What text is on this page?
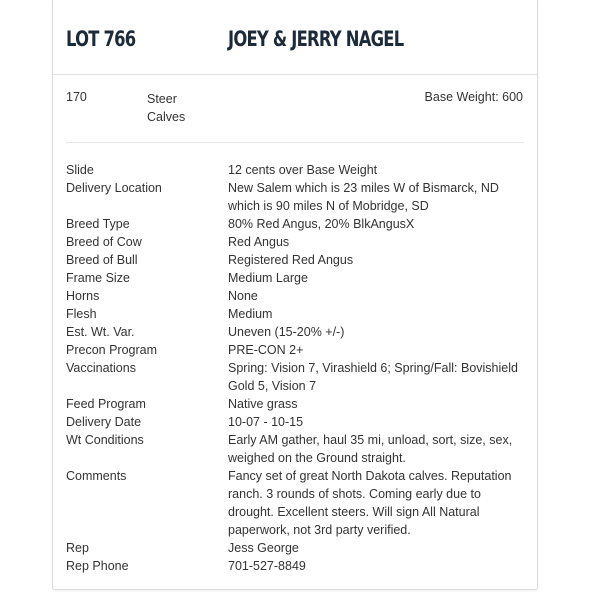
LOT 766	JOEY & JERRY NAGEL
170	Steer Calves
Base Weight: 600
Slide	12 cents over Base Weight
Delivery Location	New Salem which is 23 miles W of Bismarck, ND which is 90 miles N of Mobridge, SD
Breed Type	80% Red Angus, 20% BlkAngusX
Breed of Cow	Red Angus
Breed of Bull	Registered Red Angus
Frame Size	Medium Large
Horns	None
Flesh	Medium
Est. Wt. Var.	Uneven (15-20% +/-)
Precon Program	PRE-CON 2+
Vaccinations	Spring: Vision 7, Virashield 6; Spring/Fall: Bovishield Gold 5, Vision 7
Feed Program	Native grass
Delivery Date	10-07 - 10-15
Wt Conditions	Early AM gather, haul 35 mi, unload, sort, size, sex, weighed on the Ground straight.
Comments	Fancy set of great North Dakota calves. Reputation ranch. 3 rounds of shots. Coming early due to drought. Excellent steers. Will sign All Natural paperwork, not 3rd party verified.
Rep	Jess George
Rep Phone	701-527-8849
